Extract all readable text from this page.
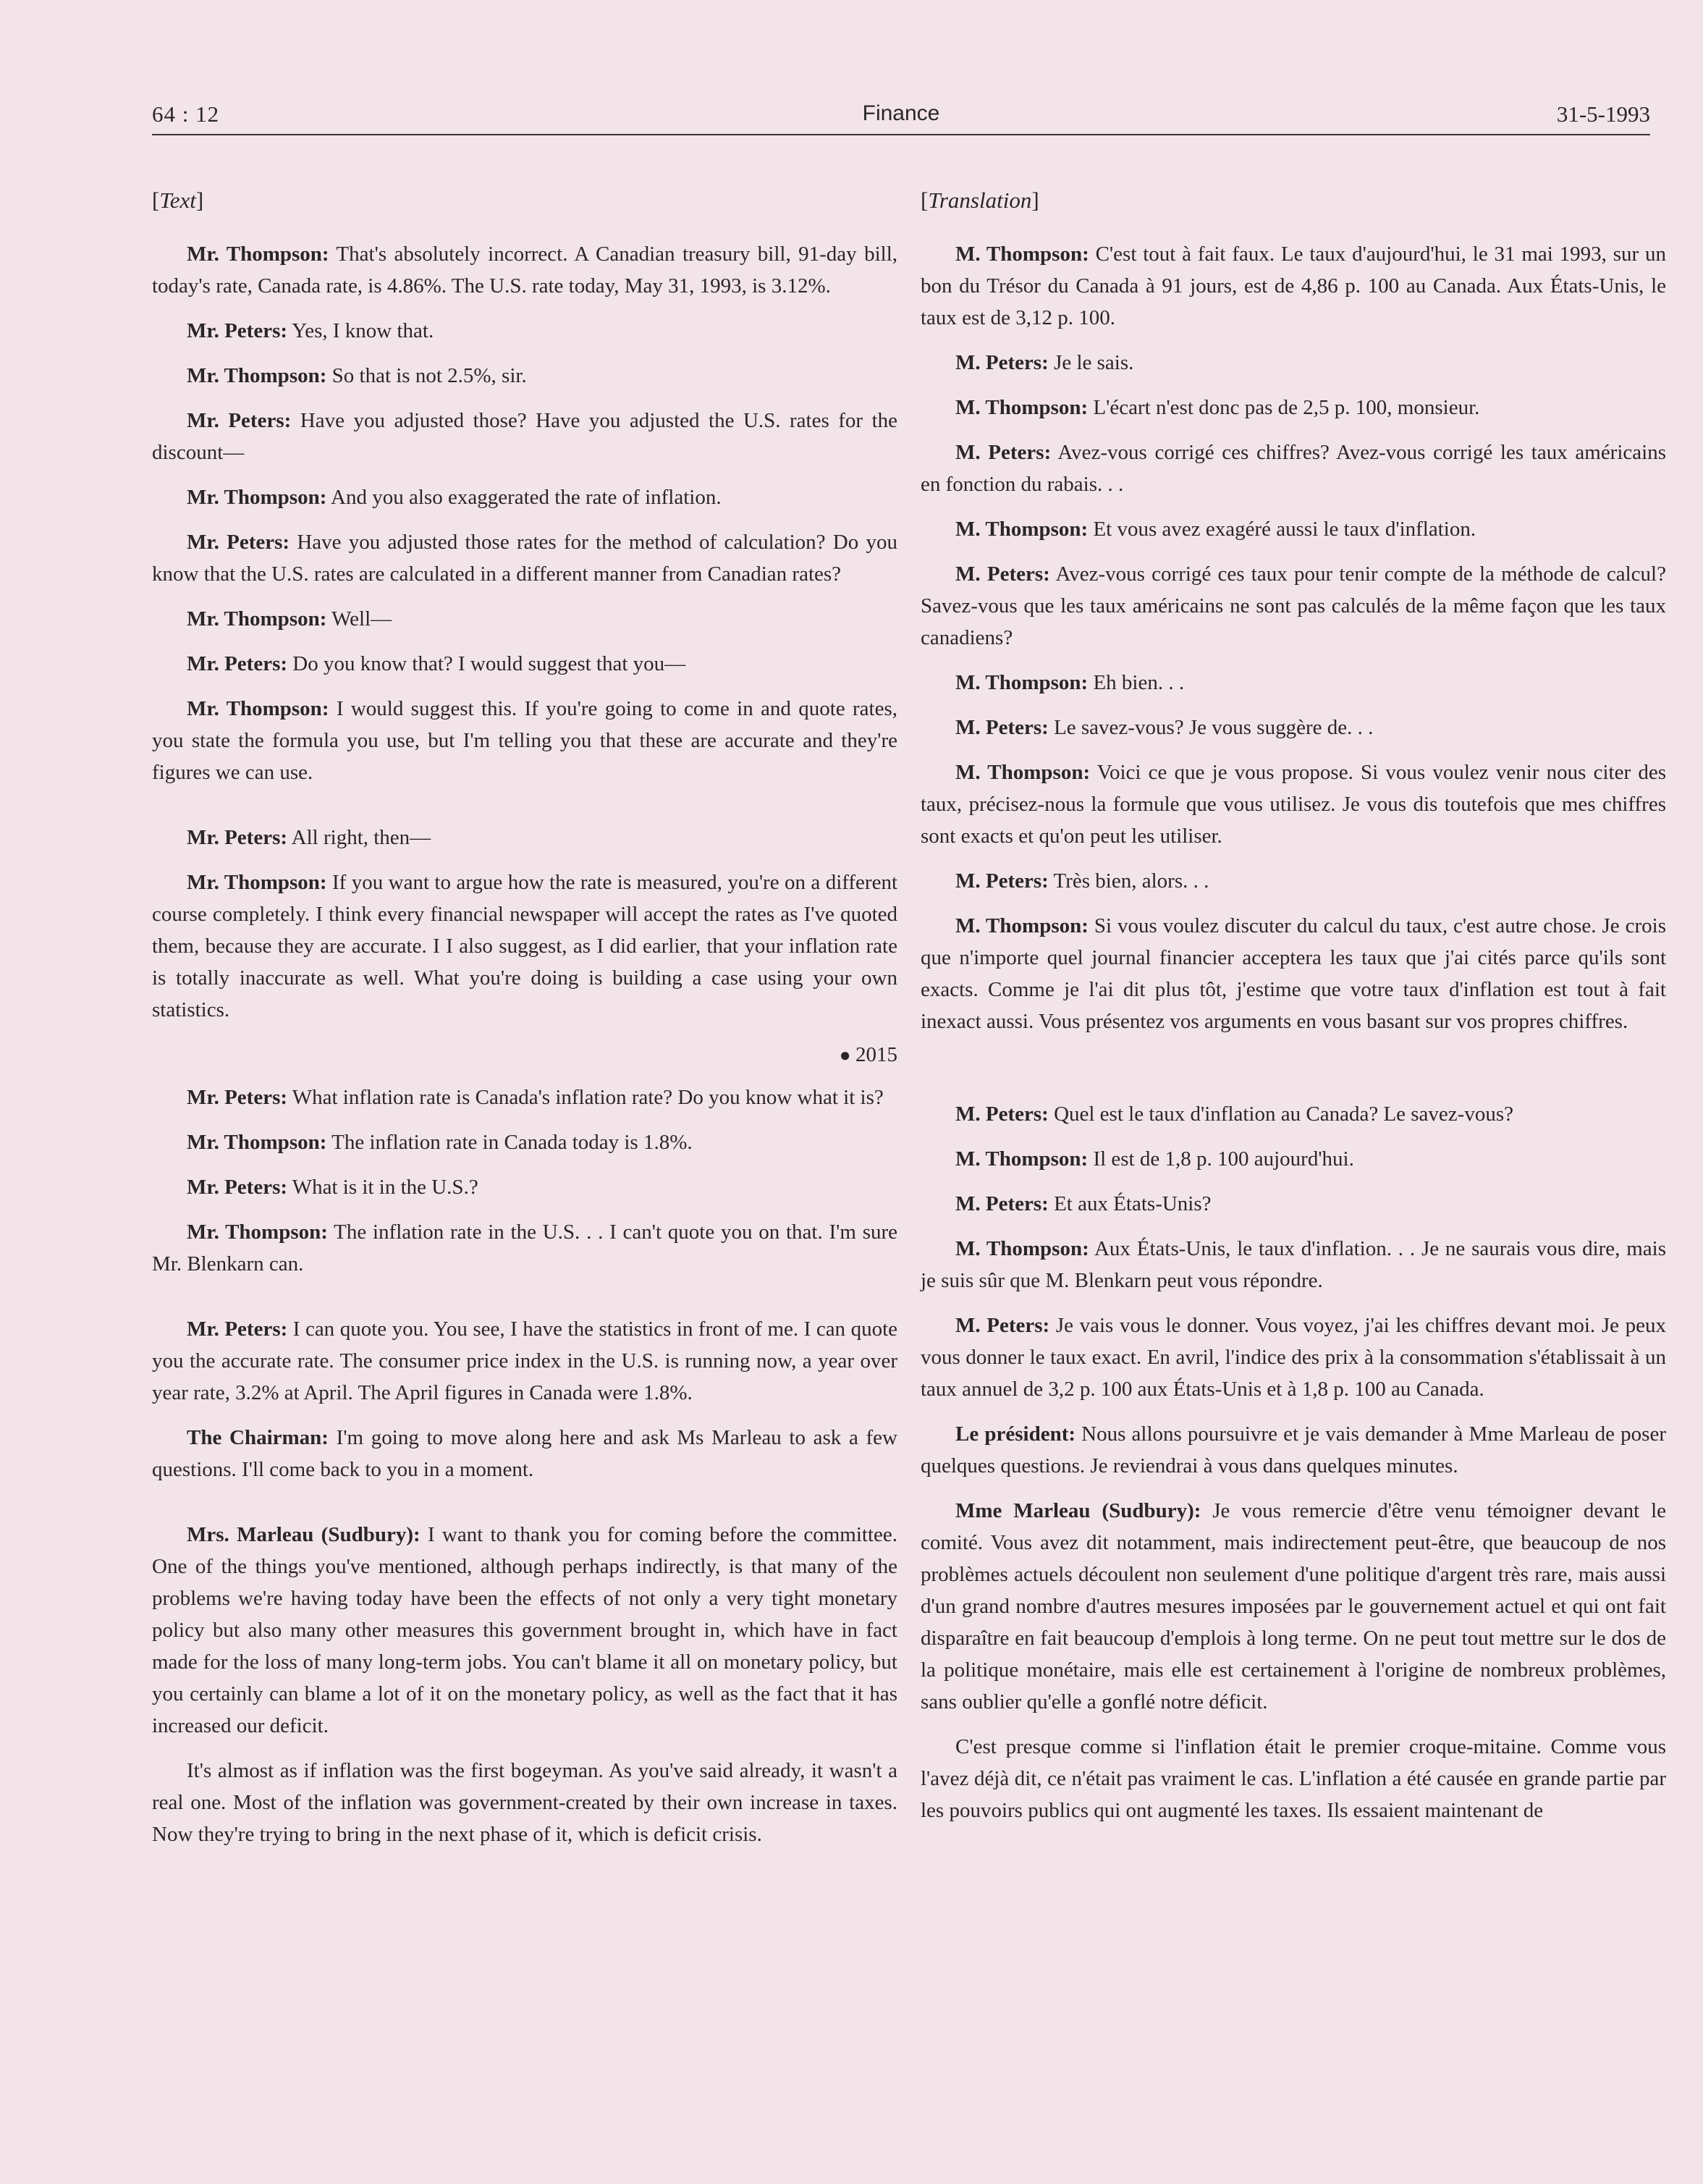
64 : 12	Finance	31-5-1993
[Text]

Mr. Thompson: That's absolutely incorrect. A Canadian treasury bill, 91-day bill, today's rate, Canada rate, is 4.86%. The U.S. rate today, May 31, 1993, is 3.12%.

Mr. Peters: Yes, I know that.

Mr. Thompson: So that is not 2.5%, sir.

Mr. Peters: Have you adjusted those? Have you adjusted the U.S. rates for the discount—

Mr. Thompson: And you also exaggerated the rate of inflation.

Mr. Peters: Have you adjusted those rates for the method of calculation? Do you know that the U.S. rates are calculated in a different manner from Canadian rates?

Mr. Thompson: Well—

Mr. Peters: Do you know that? I would suggest that you—

Mr. Thompson: I would suggest this. If you're going to come in and quote rates, you state the formula you use, but I'm telling you that these are accurate and they're figures we can use.

Mr. Peters: All right, then—

Mr. Thompson: If you want to argue how the rate is measured, you're on a different course completely. I think every financial newspaper will accept the rates as I've quoted them, because they are accurate. I I also suggest, as I did earlier, that your inflation rate is totally inaccurate as well. What you're doing is building a case using your own statistics.

● 2015

Mr. Peters: What inflation rate is Canada's inflation rate? Do you know what it is?

Mr. Thompson: The inflation rate in Canada today is 1.8%.

Mr. Peters: What is it in the U.S.?

Mr. Thompson: The inflation rate in the U.S. . . I can't quote you on that. I'm sure Mr. Blenkarn can.

Mr. Peters: I can quote you. You see, I have the statistics in front of me. I can quote you the accurate rate. The consumer price index in the U.S. is running now, a year over year rate, 3.2% at April. The April figures in Canada were 1.8%.

The Chairman: I'm going to move along here and ask Ms Marleau to ask a few questions. I'll come back to you in a moment.

Mrs. Marleau (Sudbury): I want to thank you for coming before the committee. One of the things you've mentioned, although perhaps indirectly, is that many of the problems we're having today have been the effects of not only a very tight monetary policy but also many other measures this government brought in, which have in fact made for the loss of many long-term jobs. You can't blame it all on monetary policy, but you certainly can blame a lot of it on the monetary policy, as well as the fact that it has increased our deficit.

It's almost as if inflation was the first bogeyman. As you've said already, it wasn't a real one. Most of the inflation was government-created by their own increase in taxes. Now they're trying to bring in the next phase of it, which is deficit crisis.

[Translation]

M. Thompson: C'est tout à fait faux. Le taux d'aujourd'hui, le 31 mai 1993, sur un bon du Trésor du Canada à 91 jours, est de 4,86 p. 100 au Canada. Aux États-Unis, le taux est de 3,12 p. 100.

M. Peters: Je le sais.

M. Thompson: L'écart n'est donc pas de 2,5 p. 100, monsieur.

M. Peters: Avez-vous corrigé ces chiffres? Avez-vous corrigé les taux américains en fonction du rabais. . .

M. Thompson: Et vous avez exagéré aussi le taux d'inflation.

M. Peters: Avez-vous corrigé ces taux pour tenir compte de la méthode de calcul? Savez-vous que les taux américains ne sont pas calculés de la même façon que les taux canadiens?

M. Thompson: Eh bien. . .

M. Peters: Le savez-vous? Je vous suggère de. . .

M. Thompson: Voici ce que je vous propose. Si vous voulez venir nous citer des taux, précisez-nous la formule que vous utilisez. Je vous dis toutefois que mes chiffres sont exacts et qu'on peut les utiliser.

M. Peters: Très bien, alors. . .

M. Thompson: Si vous voulez discuter du calcul du taux, c'est autre chose. Je crois que n'importe quel journal financier acceptera les taux que j'ai cités parce qu'ils sont exacts. Comme je l'ai dit plus tôt, j'estime que votre taux d'inflation est tout à fait inexact aussi. Vous présentez vos arguments en vous basant sur vos propres chiffres.

M. Peters: Quel est le taux d'inflation au Canada? Le savez-vous?

M. Thompson: Il est de 1,8 p. 100 aujourd'hui.

M. Peters: Et aux États-Unis?

M. Thompson: Aux États-Unis, le taux d'inflation. . . Je ne saurais vous dire, mais je suis sûr que M. Blenkarn peut vous répondre.

M. Peters: Je vais vous le donner. Vous voyez, j'ai les chiffres devant moi. Je peux vous donner le taux exact. En avril, l'indice des prix à la consommation s'établissait à un taux annuel de 3,2 p. 100 aux États-Unis et à 1,8 p. 100 au Canada.

Le président: Nous allons poursuivre et je vais demander à Mme Marleau de poser quelques questions. Je reviendrai à vous dans quelques minutes.

Mme Marleau (Sudbury): Je vous remercie d'être venu témoigner devant le comité. Vous avez dit notamment, mais indirectement peut-être, que beaucoup de nos problèmes actuels découlent non seulement d'une politique d'argent très rare, mais aussi d'un grand nombre d'autres mesures imposées par le gouvernement actuel et qui ont fait disparaître en fait beaucoup d'emplois à long terme. On ne peut tout mettre sur le dos de la politique monétaire, mais elle est certainement à l'origine de nombreux problèmes, sans oublier qu'elle a gonflé notre déficit.

C'est presque comme si l'inflation était le premier croque-mitaine. Comme vous l'avez déjà dit, ce n'était pas vraiment le cas. L'inflation a été causée en grande partie par les pouvoirs publics qui ont augmenté les taxes. Ils essaient maintenant de
